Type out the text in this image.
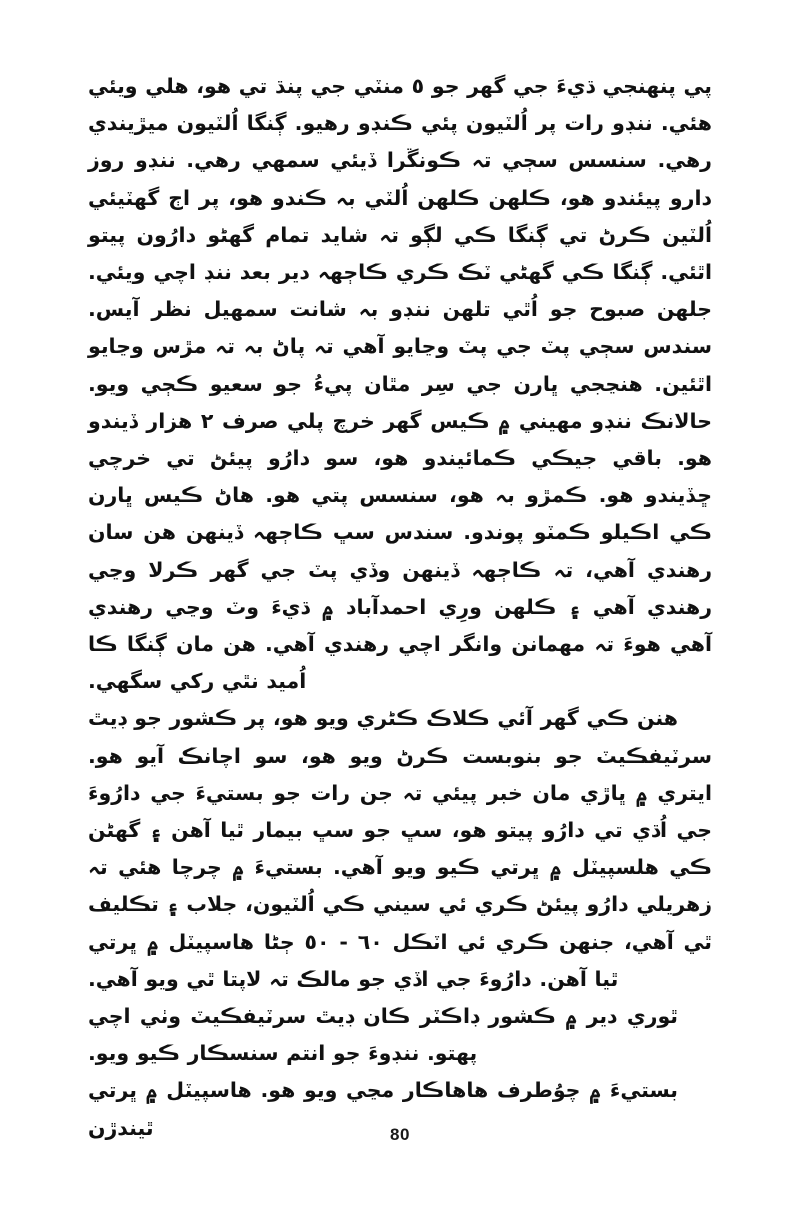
پي پنهنجي ڌيءَ جي گهر جو ٥ منٽي جي پنڌ تي هو، هلي ويئي هئي. ننڊو رات پر اُلٽيون پئي ڪنڊو رهيو. ڳنگا اُلٽيون ميڙيندي رهي. سنسس سڄي تہ ڪونڱرا ڏيئي سمهي رهي. ننڊو روز دارو پيئندو هو، ڪلهن ڪلهن اُلٽي بہ ڪندو هو، پر اڄ گهٽيئي اُلٽين ڪرڻ تي ڳنگا ڪي لڳو تہ شايد تمام گهڻو دارُون پيتو اٿئي. ڳنگا ڪي گهڻي ٽڪ ڪري ڪاڄهہ دير بعد ننڊ اچي ويئي. جلهن صبوح جو اُٿي تلهن ننڊو بہ شانت سمهيل نظر آيس. سندس سڄي پٽ جي پٽ وڃايو آهي تہ پاڻ بہ تہ مڙس وڃايو اٿئين. هنڃجي ڀارن جي سِر مٿان پيءُ جو سعيو ڪڄي ويو. حالانڪ ننڊو مهيني ۾ ڪيس گهر خرچ پلي صرف ٢ هزار ڏيندو هو. باقي جيڪي ڪمائيندو هو، سو دارُو پيئڻ تي خرچي ڇڏيندو هو. ڪمڙو بہ هو، سنسس پتي هو. هاڻ ڪيس ڀارن ڪي اڪيلو ڪمٽو پوندو. سندس سڀ ڪاڄهہ ڏينهن هن سان رهندي آهي، تہ ڪاڄهہ ڏينهن وڏي پٽ جي گهر ڪرلا وڃي رهندي آهي ۽ ڪلهن ورِي احمدآباد ۾ ڌيءَ وٽ وڃي رهندي آهي هوءَ تہ مهمانن وانگر اچي رهندي آهي. هن مان ڳنگا ڪا اُميد نٿي رکي سگهي.

هنن ڪي گهر آئي ڪلاڪ ڪڻري ويو هو، پر ڪشور جو ڊيٿ سرٽيفڪيٽ جو بنوبست ڪرڻ ويو هو، سو اچانڪ آيو هو. ايتري ۾ ڀاڙي مان خبر پيئي تہ جن رات جو بستيءَ جي دارُوءَ جي اُڌي تي دارُو پيتو هو، سڀ جو سڀ بيمار ٿيا آهن ۽ گهڻن ڪي هلسپيٽل ۾ ڀرتي ڪيو ويو آهي. بستيءَ ۾ چرچا هئي تہ زهريلي دارُو پيئڻ ڪري ئي سيني ڪي اُلٽيون، جلاب ۽ تڪليف ٿي آهي، جنهن ڪري ئي اٽڪل ٦٠ - ٥٠ ڄڻا هاسپيٽل ۾ ڀرتي ٿيا آهن. دارُوءَ جي اڏي جو مالڪ تہ لاپتا ٿي ويو آهي.

ٿوري دير ۾ ڪشور ڊاڪٽر ڪان ڊيٿ سرٽيفڪيٽ وٺي اچي پهتو. ننڊوءَ جو انتم سنسڪار ڪيو ويو.

بستيءَ ۾ چوُطرف هاهاڪار مڃي ويو هو. هاسپيٽل ۾ ڀرتي ٿيندڙن	80
